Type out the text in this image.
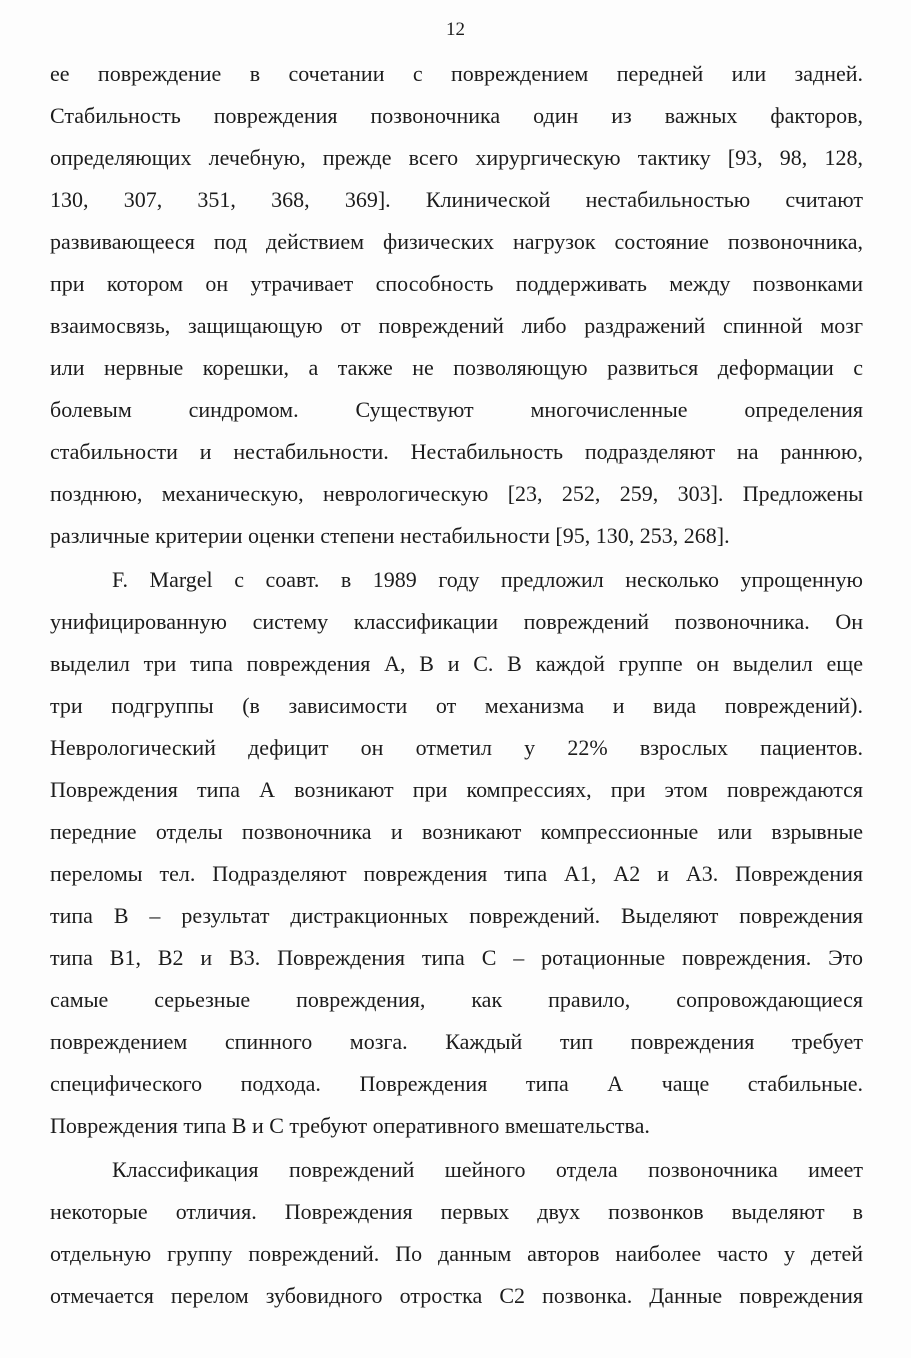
12
ее повреждение в сочетании с повреждением передней или задней.
Стабильность повреждения позвоночника один из важных факторов,
определяющих лечебную, прежде всего хирургическую тактику [93, 98, 128,
130, 307, 351, 368, 369]. Клинической нестабильностью считают
развивающееся под действием физических нагрузок состояние позвоночника,
при котором он утрачивает способность поддерживать между позвонками
взаимосвязь, защищающую от повреждений либо раздражений спинной мозг
или нервные корешки, а также не позволяющую развиться деформации с
болевым синдромом. Существуют многочисленные определения
стабильности и нестабильности. Нестабильность подразделяют на раннюю,
позднюю, механическую, неврологическую [23, 252, 259, 303]. Предложены
различные критерии оценки степени нестабильности [95, 130, 253, 268].
F. Margel с соавт. в 1989 году предложил несколько упрощенную
унифицированную систему классификации повреждений позвоночника. Он
выделил три типа повреждения А, В и С. В каждой группе он выделил еще
три подгруппы (в зависимости от механизма и вида повреждений).
Неврологический дефицит он отметил у 22% взрослых пациентов.
Повреждения типа А возникают при компрессиях, при этом повреждаются
передние отделы позвоночника и возникают компрессионные или взрывные
переломы тел. Подразделяют повреждения типа А1, А2 и А3. Повреждения
типа В – результат дистракционных повреждений. Выделяют повреждения
типа В1, В2 и В3. Повреждения типа С – ротационные повреждения. Это
самые серьезные повреждения, как правило, сопровождающиеся
повреждением спинного мозга. Каждый тип повреждения требует
специфического подхода. Повреждения типа А чаще стабильные.
Повреждения типа В и С требуют оперативного вмешательства.
Классификация повреждений шейного отдела позвоночника имеет
некоторые отличия. Повреждения первых двух позвонков выделяют в
отдельную группу повреждений. По данным авторов наиболее часто у детей
отмечается перелом зубовидного отростка С2 позвонка. Данные повреждения
